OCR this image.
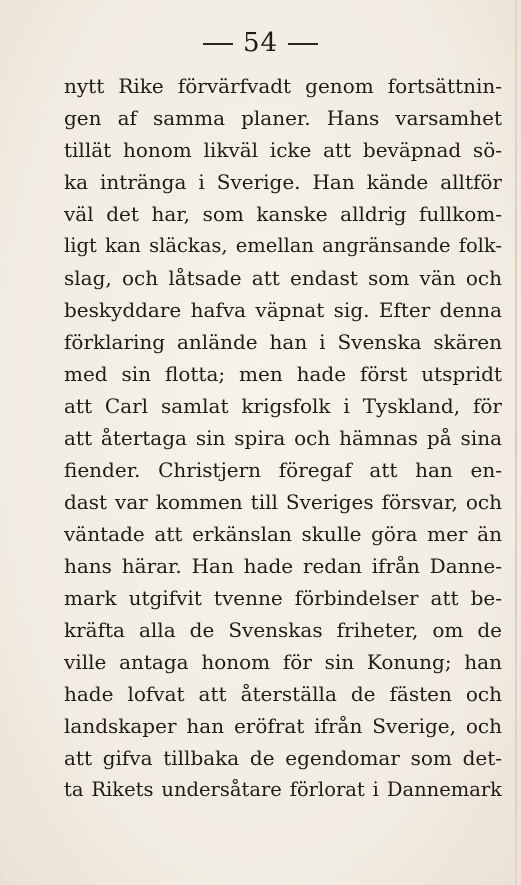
54
nytt Rike förvärfvadt genom fortsättnin-
gen af samma planer. Hans varsamhet
tillät honom likväl icke att beväpnad sö-
ka inträngа i Sverige. Han kände alltför
väl det har, som kanske alldrig fullkom-
ligt kan släckas, emellan angränsande folk-
slag, och låtsade att endast som vän och
beskyddare hafva väpnat sig. Efter denna
förklaring anlände han i Svenska skären
med sin flotta; men hade först utspridt
att Carl samlat krigsfolk i Tyskland, för
att återtaga sin spira och hämnas på sina
fiender. Christjern föregaf att han en-
dast var kommen till Sveriges försvar, och
väntade att erkänslan skulle göra mer än
hans härar. Han hade redan ifrån Danne-
mark utgifvit tvenne förbindelser att be-
kräfta alla de Svenskas friheter, om de
ville antaga honom för sin Konung; han
hade lofvat att återställa de fästen och
landskaper han eröfrat ifrån Sverige, och
att gifva tillbaka de egendomar som det-
ta Rikets undersåtare förlorat i Dannemark
